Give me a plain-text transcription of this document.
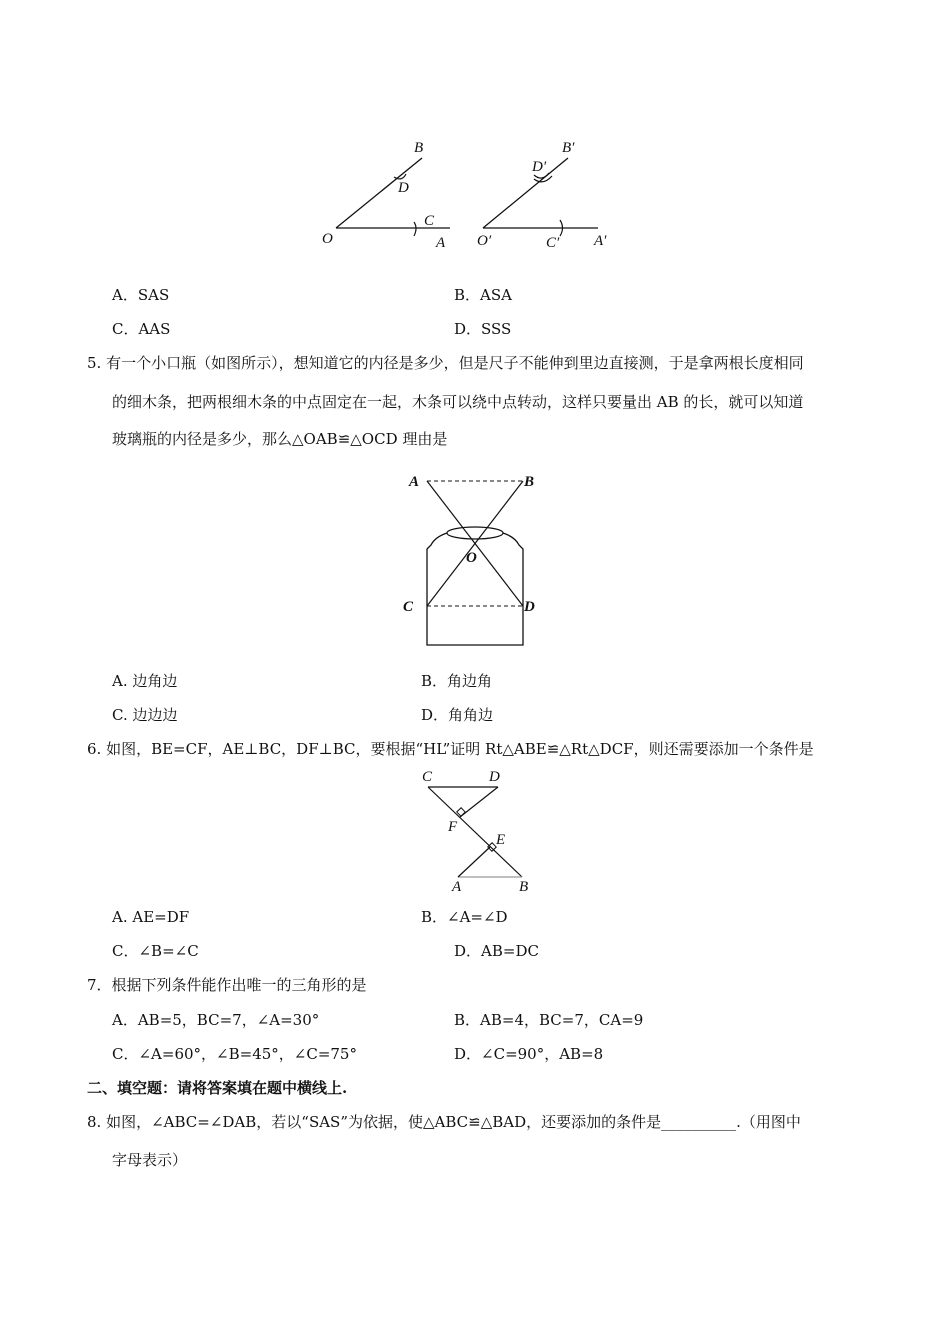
B
D
C
O	A
B′
D′
O′	C′ A′
A．SAS	B．ASA
C．AAS	D．SSS
5. 有一个小口瓶（如图所示），想知道它的内径是多少，但是尺子不能伸到里边直接测，于是拿两根长度相同
的细木条，把两根细木条的中点固定在一起，木条可以绕中点转动，这样只要量出 AB 的长，就可以知道
玻璃瓶的内径是多少，那么△OAB≌△OCD 理由是
A	B
O
C	D
A. 边角边	B．角边角
C. 边边边	D．角角边
6. 如图，BE=CF，AE⊥BC，DF⊥BC，要根据“HL”证明 Rt△ABE≌△Rt△DCF，则还需要添加一个条件是
C	D
F
E
A	B
A. AE=DF	B．∠A=∠D
C．∠B=∠C	D．AB=DC
7．根据下列条件能作出唯一的三角形的是
A．AB=5，BC=7，∠A=30°	B．AB=4，BC=7，CA=9
C．∠A=60°，∠B=45°，∠C=75°	D．∠C=90°，AB=8
二、填空题：请将答案填在题中横线上.
8. 如图，∠ABC=∠DAB，若以“SAS”为依据，使△ABC≌△BAD，还要添加的条件是__________.（用图中
字母表示）
